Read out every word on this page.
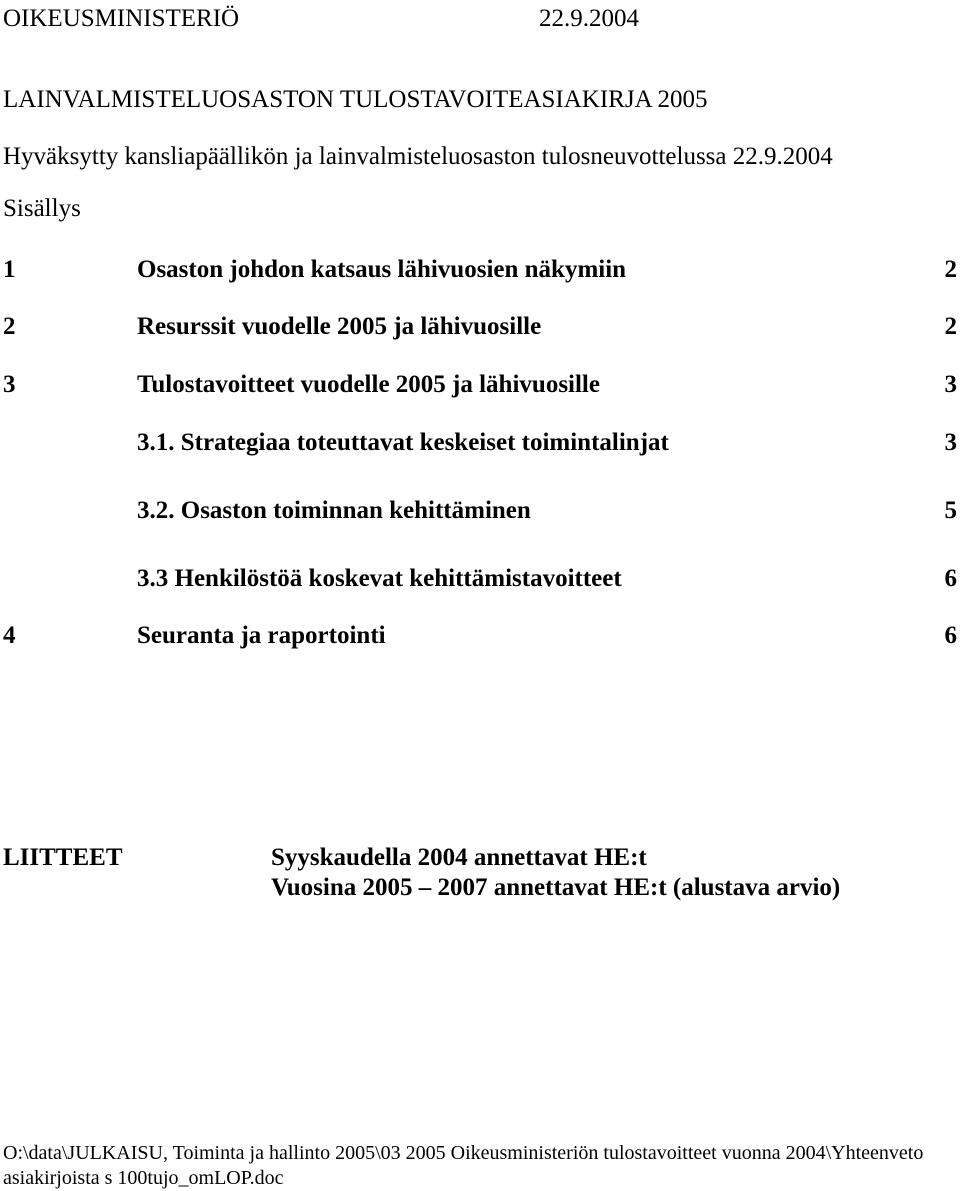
OIKEUSMINISTERIÖ	22.9.2004
LAINVALMISTELUOSASTON TULOSTAVOITEASIAKIRJA 2005
Hyväksytty kansliapäällikön ja lainvalmisteluosaston tulosneuvottelussa 22.9.2004
Sisällys
1	Osaston johdon katsaus lähivuosien näkymiin	2
2	Resurssit vuodelle 2005 ja lähivuosille	2
3	Tulostavoitteet vuodelle 2005 ja lähivuosille	3
3.1. Strategiaa toteuttavat keskeiset toimintalinjat	3
3.2. Osaston toiminnan kehittäminen	5
3.3 Henkilöstöä koskevat kehittämistavoitteet	6
4	Seuranta ja raportointi	6
LIITTEET	Syyskaudella 2004 annettavat HE:t
Vuosina 2005 – 2007 annettavat HE:t (alustava arvio)
O:\data\JULKAISU, Toiminta ja hallinto 2005\03 2005 Oikeusministeriön tulostavoitteet vuonna 2004\Yhteenveto
asiakirjoista s 100tujo_omLOP.doc
